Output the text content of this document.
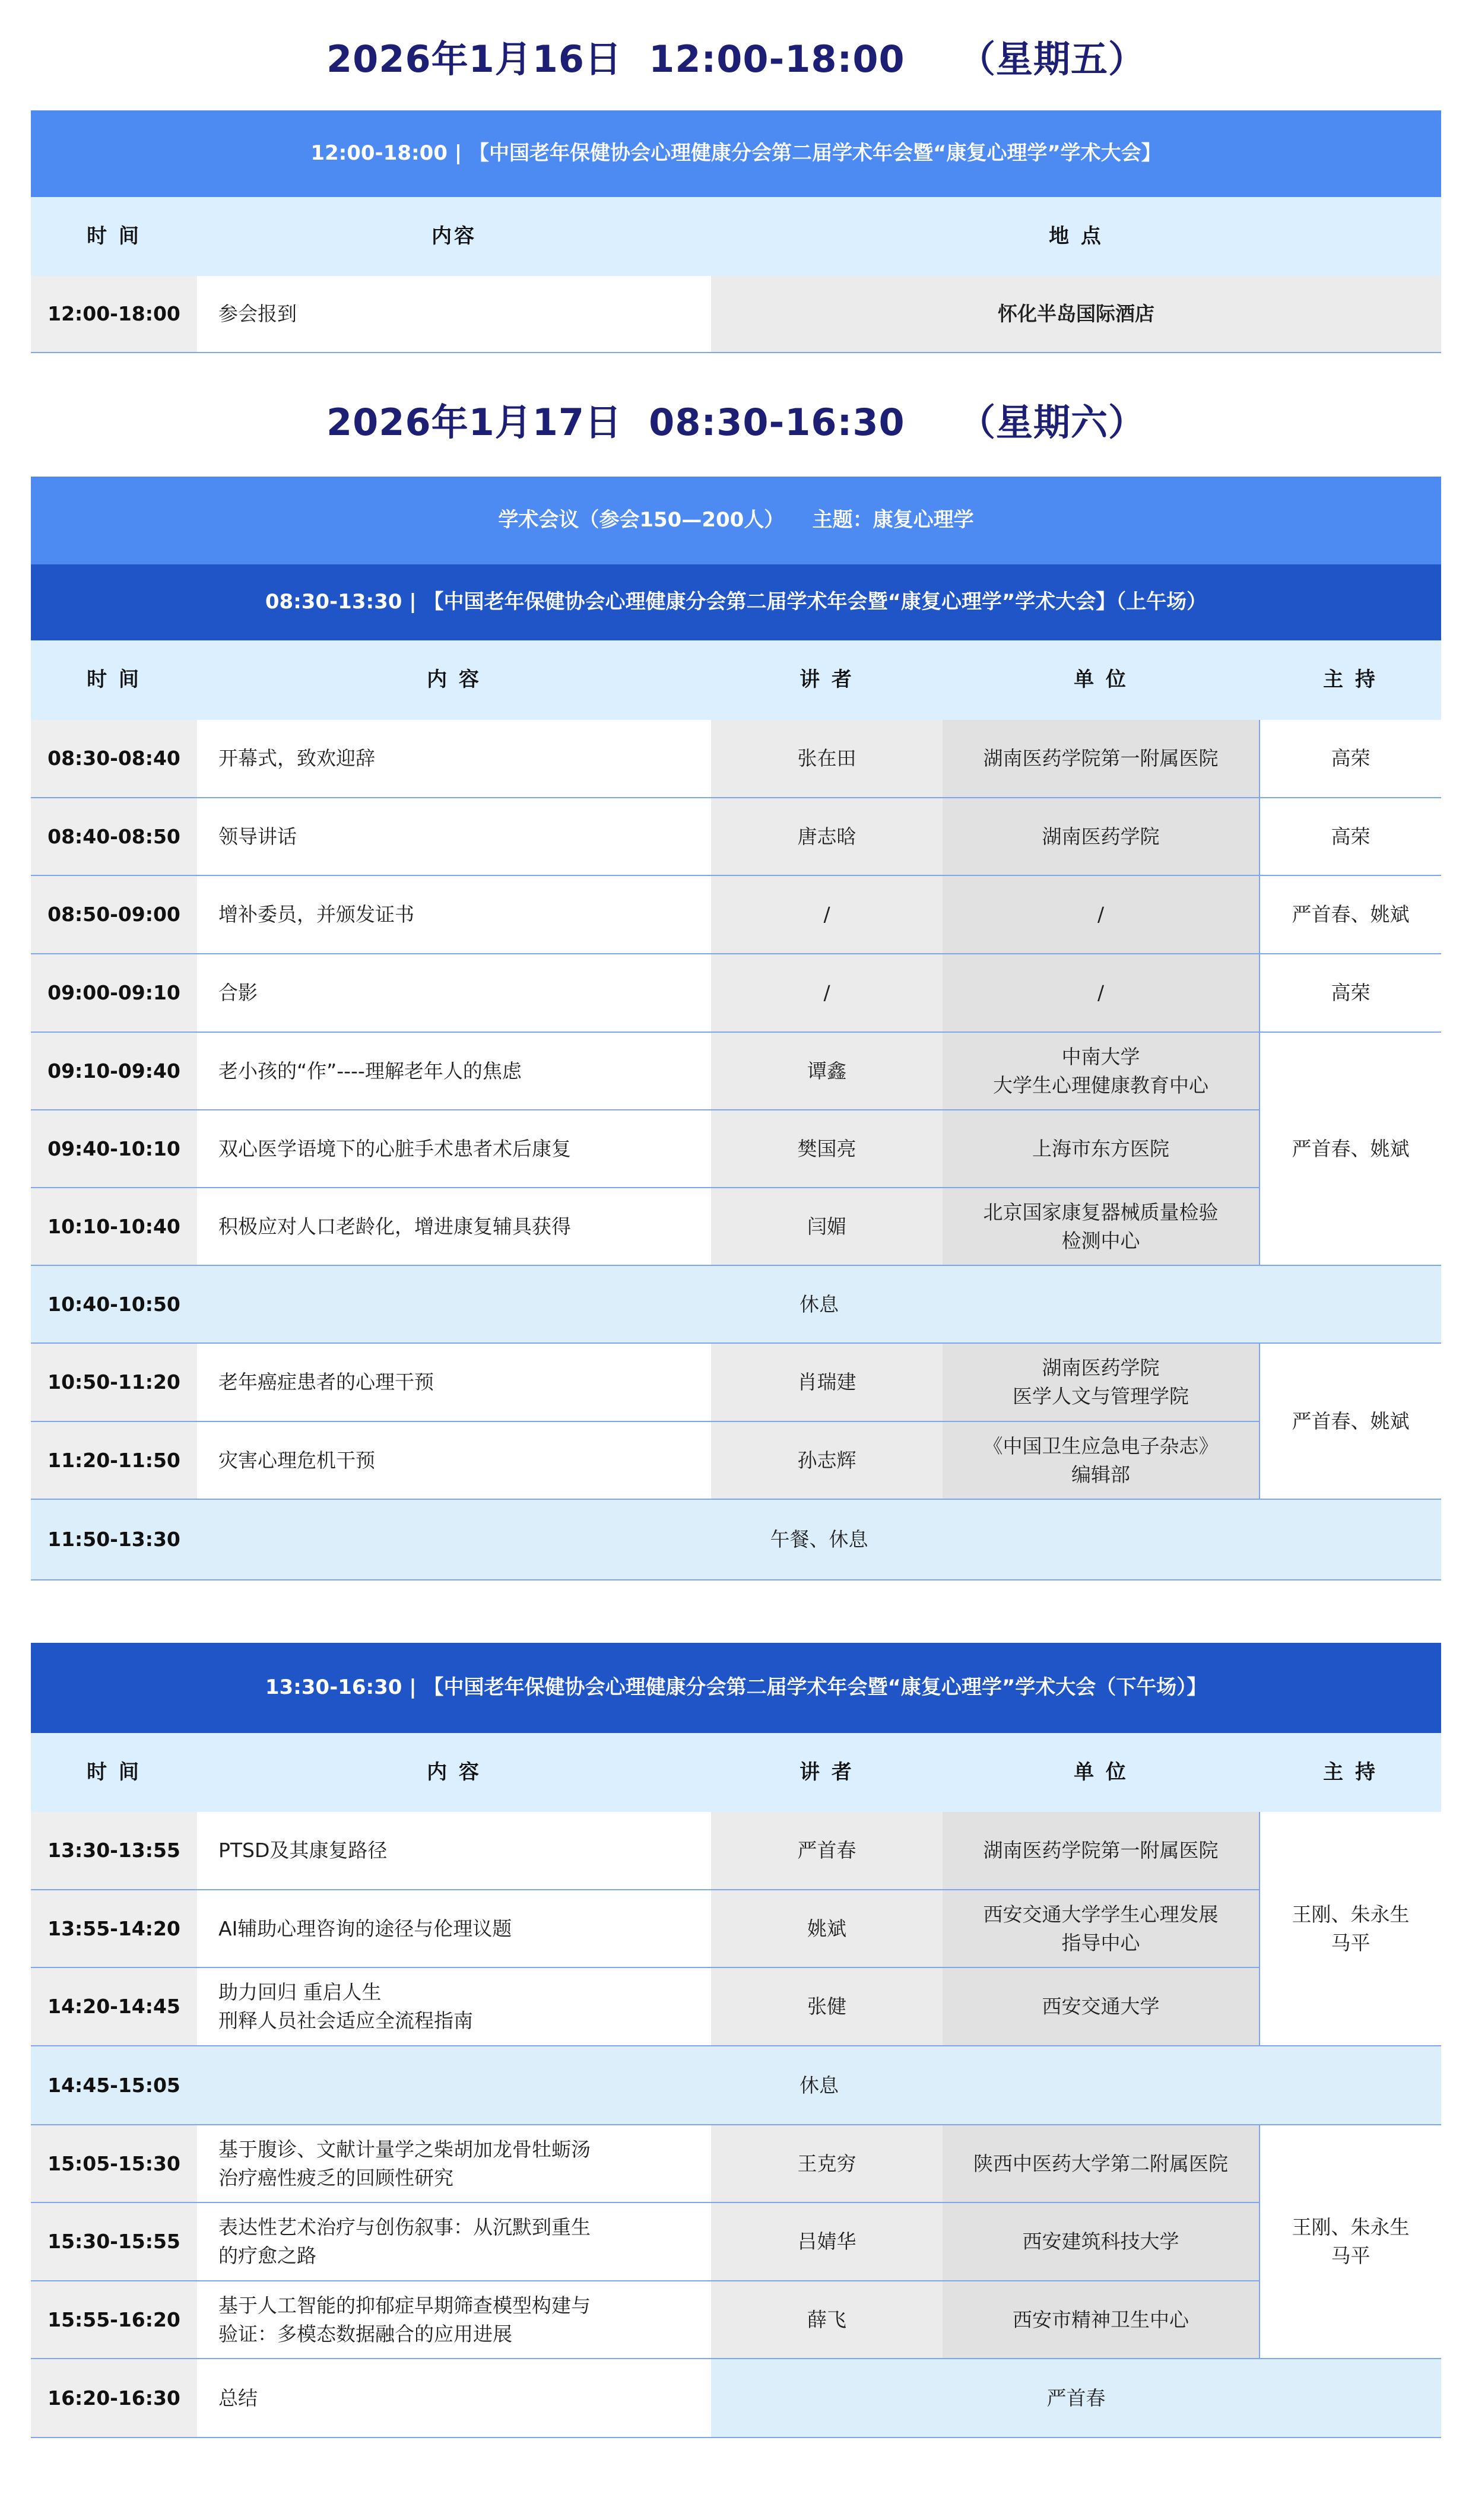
2026年1月16日  12:00-18:00    （星期五）
12:00-18:00 | 【中国老年保健协会心理健康分会第二届学术年会暨“康复心理学”学术大会】		
时 间	内容	地 点
12:00-18:00	参会报到	怀化半岛国际酒店
2026年1月17日  08:30-16:30    （星期六）
学术会议（参会150—200人）    主题：康复心理学				
08:30-13:30 | 【中国老年保健协会心理健康分会第二届学术年会暨“康复心理学”学术大会】（上午场）				
时 间	内 容	讲 者	单 位	主 持
08:30-08:40	开幕式，致欢迎辞	张在田	湖南医药学院第一附属医院	高荣
08:40-08:50	领导讲话	唐志晗	湖南医药学院	高荣
08:50-09:00	增补委员，并颁发证书	/	/	严首春、姚斌
09:00-09:10	合影	/	/	高荣
09:10-09:40	老小孩的“作”----理解老年人的焦虑	谭鑫	中南大学
大学生心理健康教育中心	严首春、姚斌
09:40-10:10	双心医学语境下的心脏手术患者术后康复	樊国亮	上海市东方医院	
10:10-10:40	积极应对人口老龄化，增进康复辅具获得	闫媚	北京国家康复器械质量检验
检测中心	
10:40-10:50	休息			
10:50-11:20	老年癌症患者的心理干预	肖瑞建	湖南医药学院
医学人文与管理学院	严首春、姚斌
11:20-11:50	灾害心理危机干预	孙志辉	《中国卫生应急电子杂志》
编辑部	
11:50-13:30	午餐、休息			
13:30-16:30 | 【中国老年保健协会心理健康分会第二届学术年会暨“康复心理学”学术大会（下午场）】				
时 间	内 容	讲 者	单 位	主 持
13:30-13:55	PTSD及其康复路径	严首春	湖南医药学院第一附属医院	王刚、朱永生
马平
13:55-14:20	AI辅助心理咨询的途径与伦理议题	姚斌	西安交通大学学生心理发展
指导中心	
14:20-14:45	助力回归 重启人生
刑释人员社会适应全流程指南	张健	西安交通大学	
14:45-15:05	休息			
15:05-15:30	基于腹诊、文献计量学之柴胡加龙骨牡蛎汤
治疗癌性疲乏的回顾性研究	王克穷	陕西中医药大学第二附属医院	王刚、朱永生
马平
15:30-15:55	表达性艺术治疗与创伤叙事：从沉默到重生
的疗愈之路	吕婧华	西安建筑科技大学	
15:55-16:20	基于人工智能的抑郁症早期筛查模型构建与
验证：多模态数据融合的应用进展	薛飞	西安市精神卫生中心	
16:20-16:30	总结	严首春		
